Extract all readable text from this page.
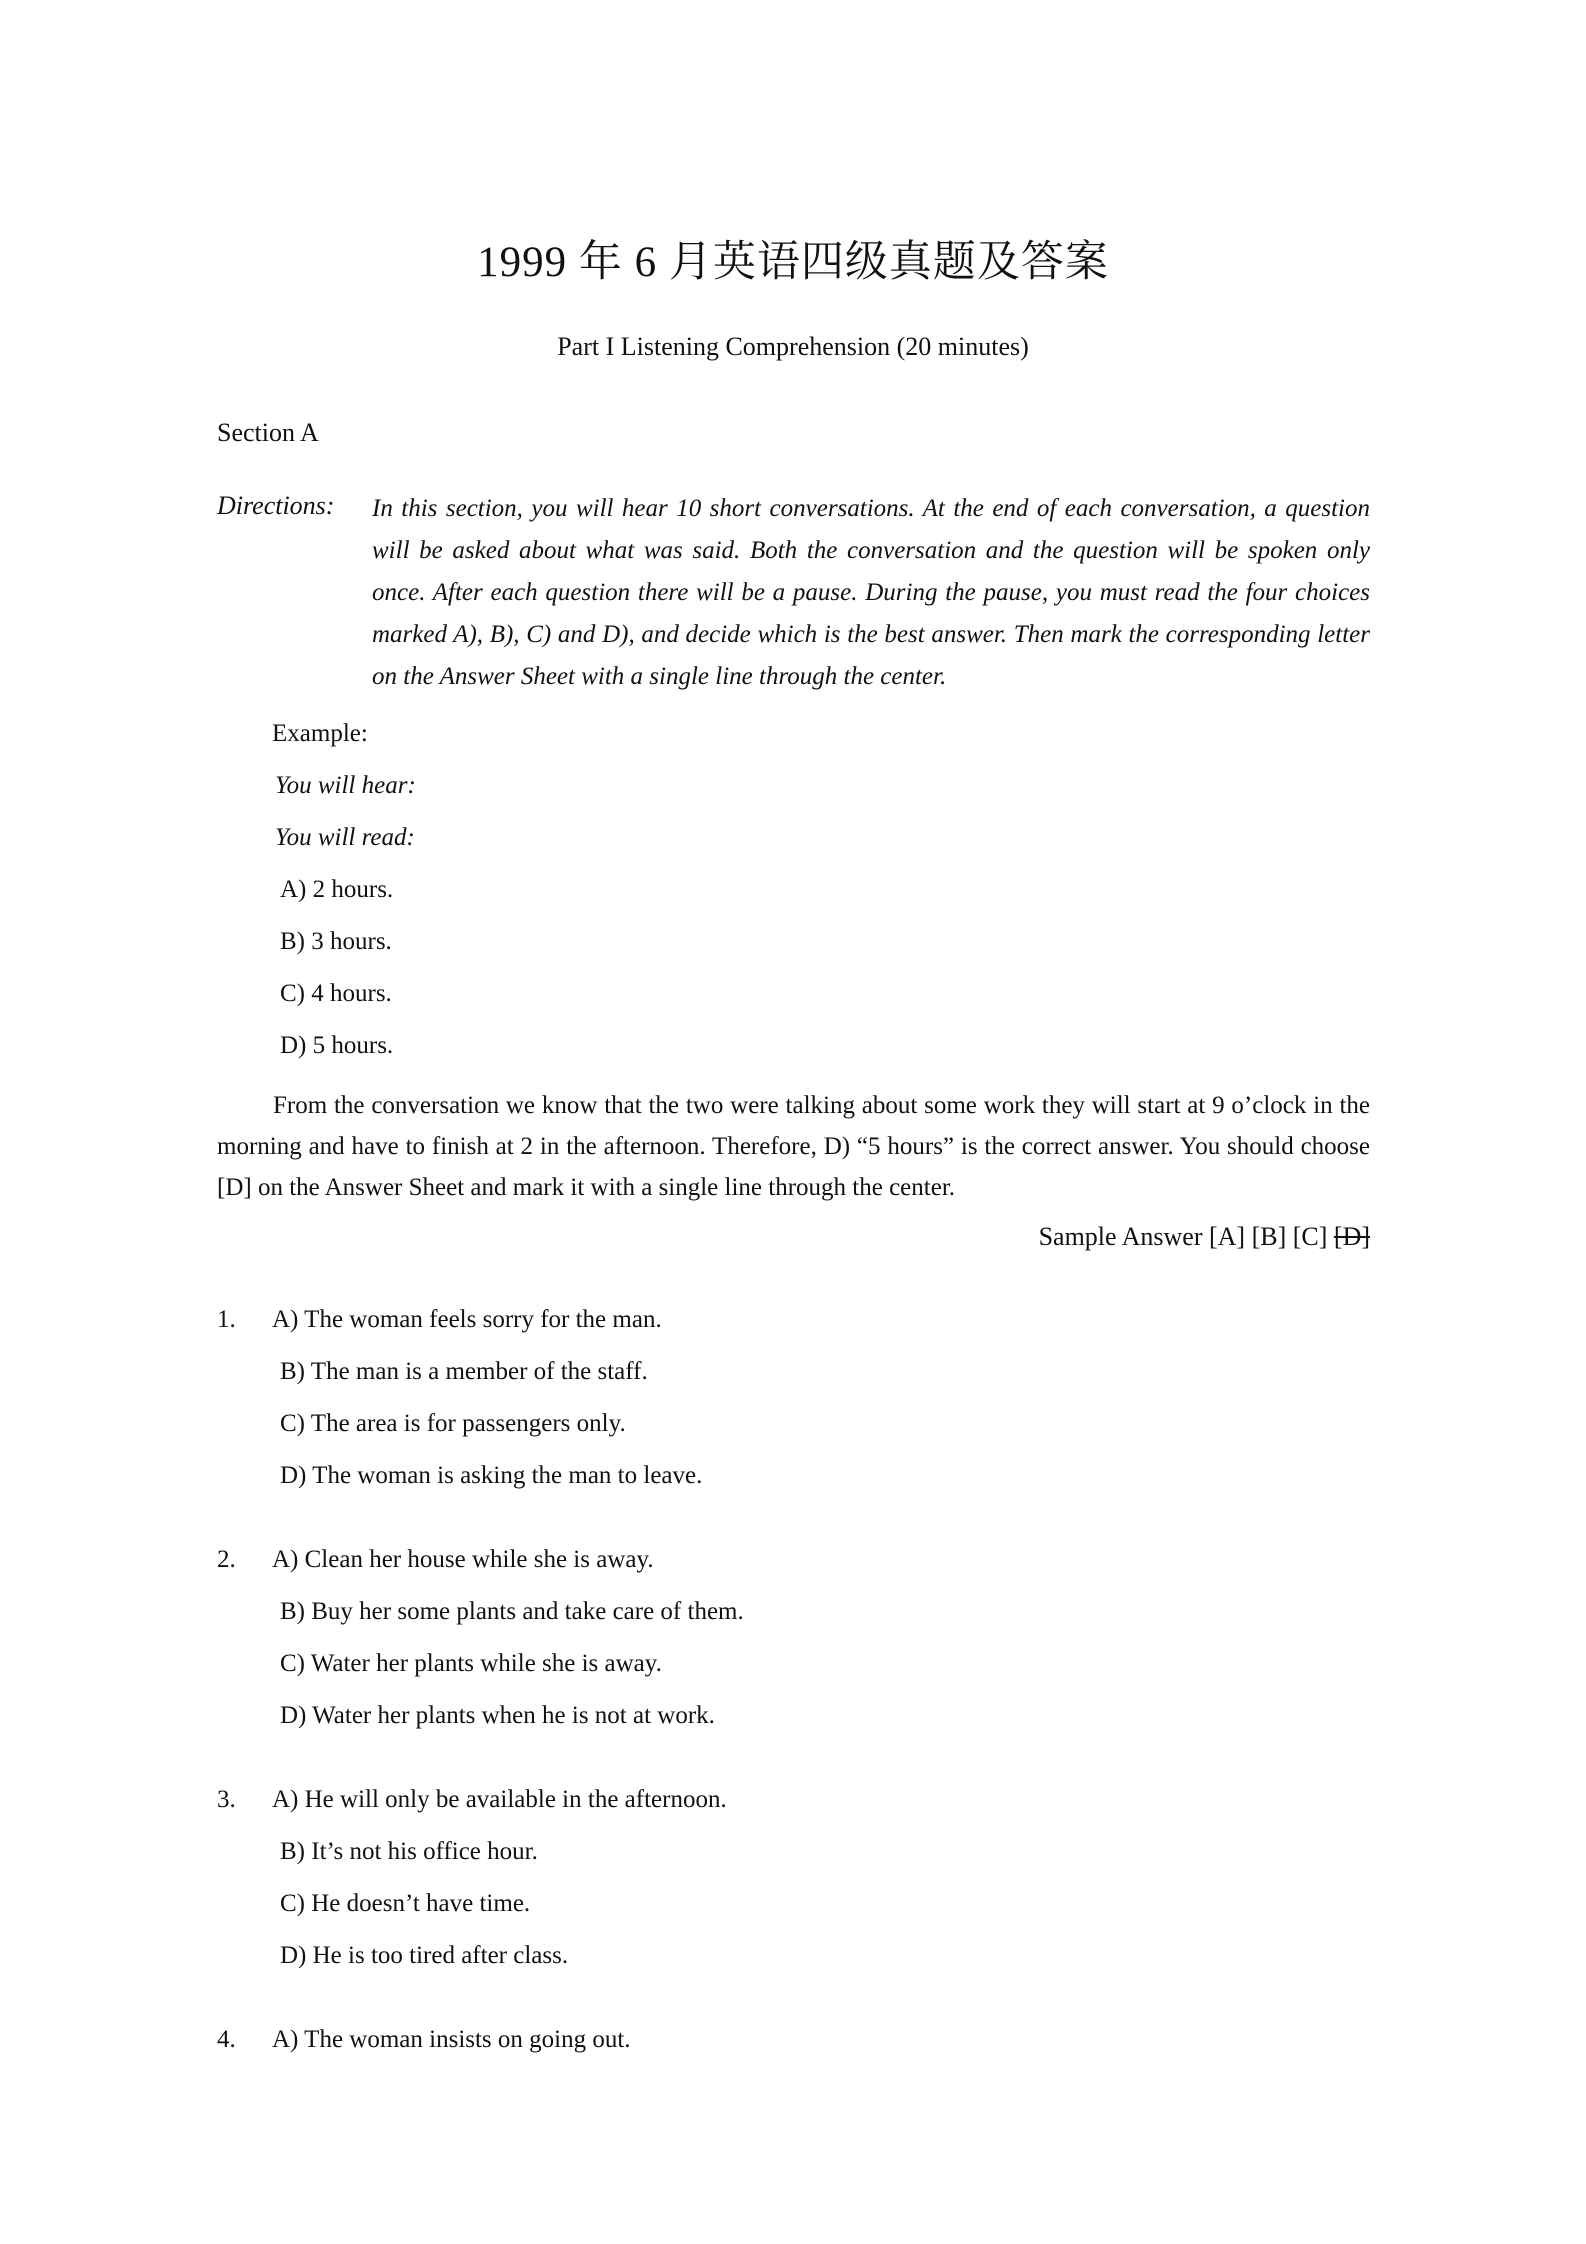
1999 年 6 月英语四级真题及答案
Part I Listening Comprehension (20 minutes)
Section A
Directions: In this section, you will hear 10 short conversations. At the end of each conversation, a question will be asked about what was said. Both the conversation and the question will be spoken only once. After each question there will be a pause. During the pause, you must read the four choices marked A), B), C) and D), and decide which is the best answer. Then mark the corresponding letter on the Answer Sheet with a single line through the center.
Example:
You will hear:
You will read:
A) 2 hours.
B) 3 hours.
C) 4 hours.
D) 5 hours.
From the conversation we know that the two were talking about some work they will start at 9 o’clock in the morning and have to finish at 2 in the afternoon. Therefore, D) “5 hours” is the correct answer. You should choose [D] on the Answer Sheet and mark it with a single line through the center.
Sample Answer [A] [B] [C] [D]
1. A) The woman feels sorry for the man.
B) The man is a member of the staff.
C) The area is for passengers only.
D) The woman is asking the man to leave.
2. A) Clean her house while she is away.
B) Buy her some plants and take care of them.
C) Water her plants while she is away.
D) Water her plants when he is not at work.
3. A) He will only be available in the afternoon.
B) It’s not his office hour.
C) He doesn’t have time.
D) He is too tired after class.
4. A) The woman insists on going out.
